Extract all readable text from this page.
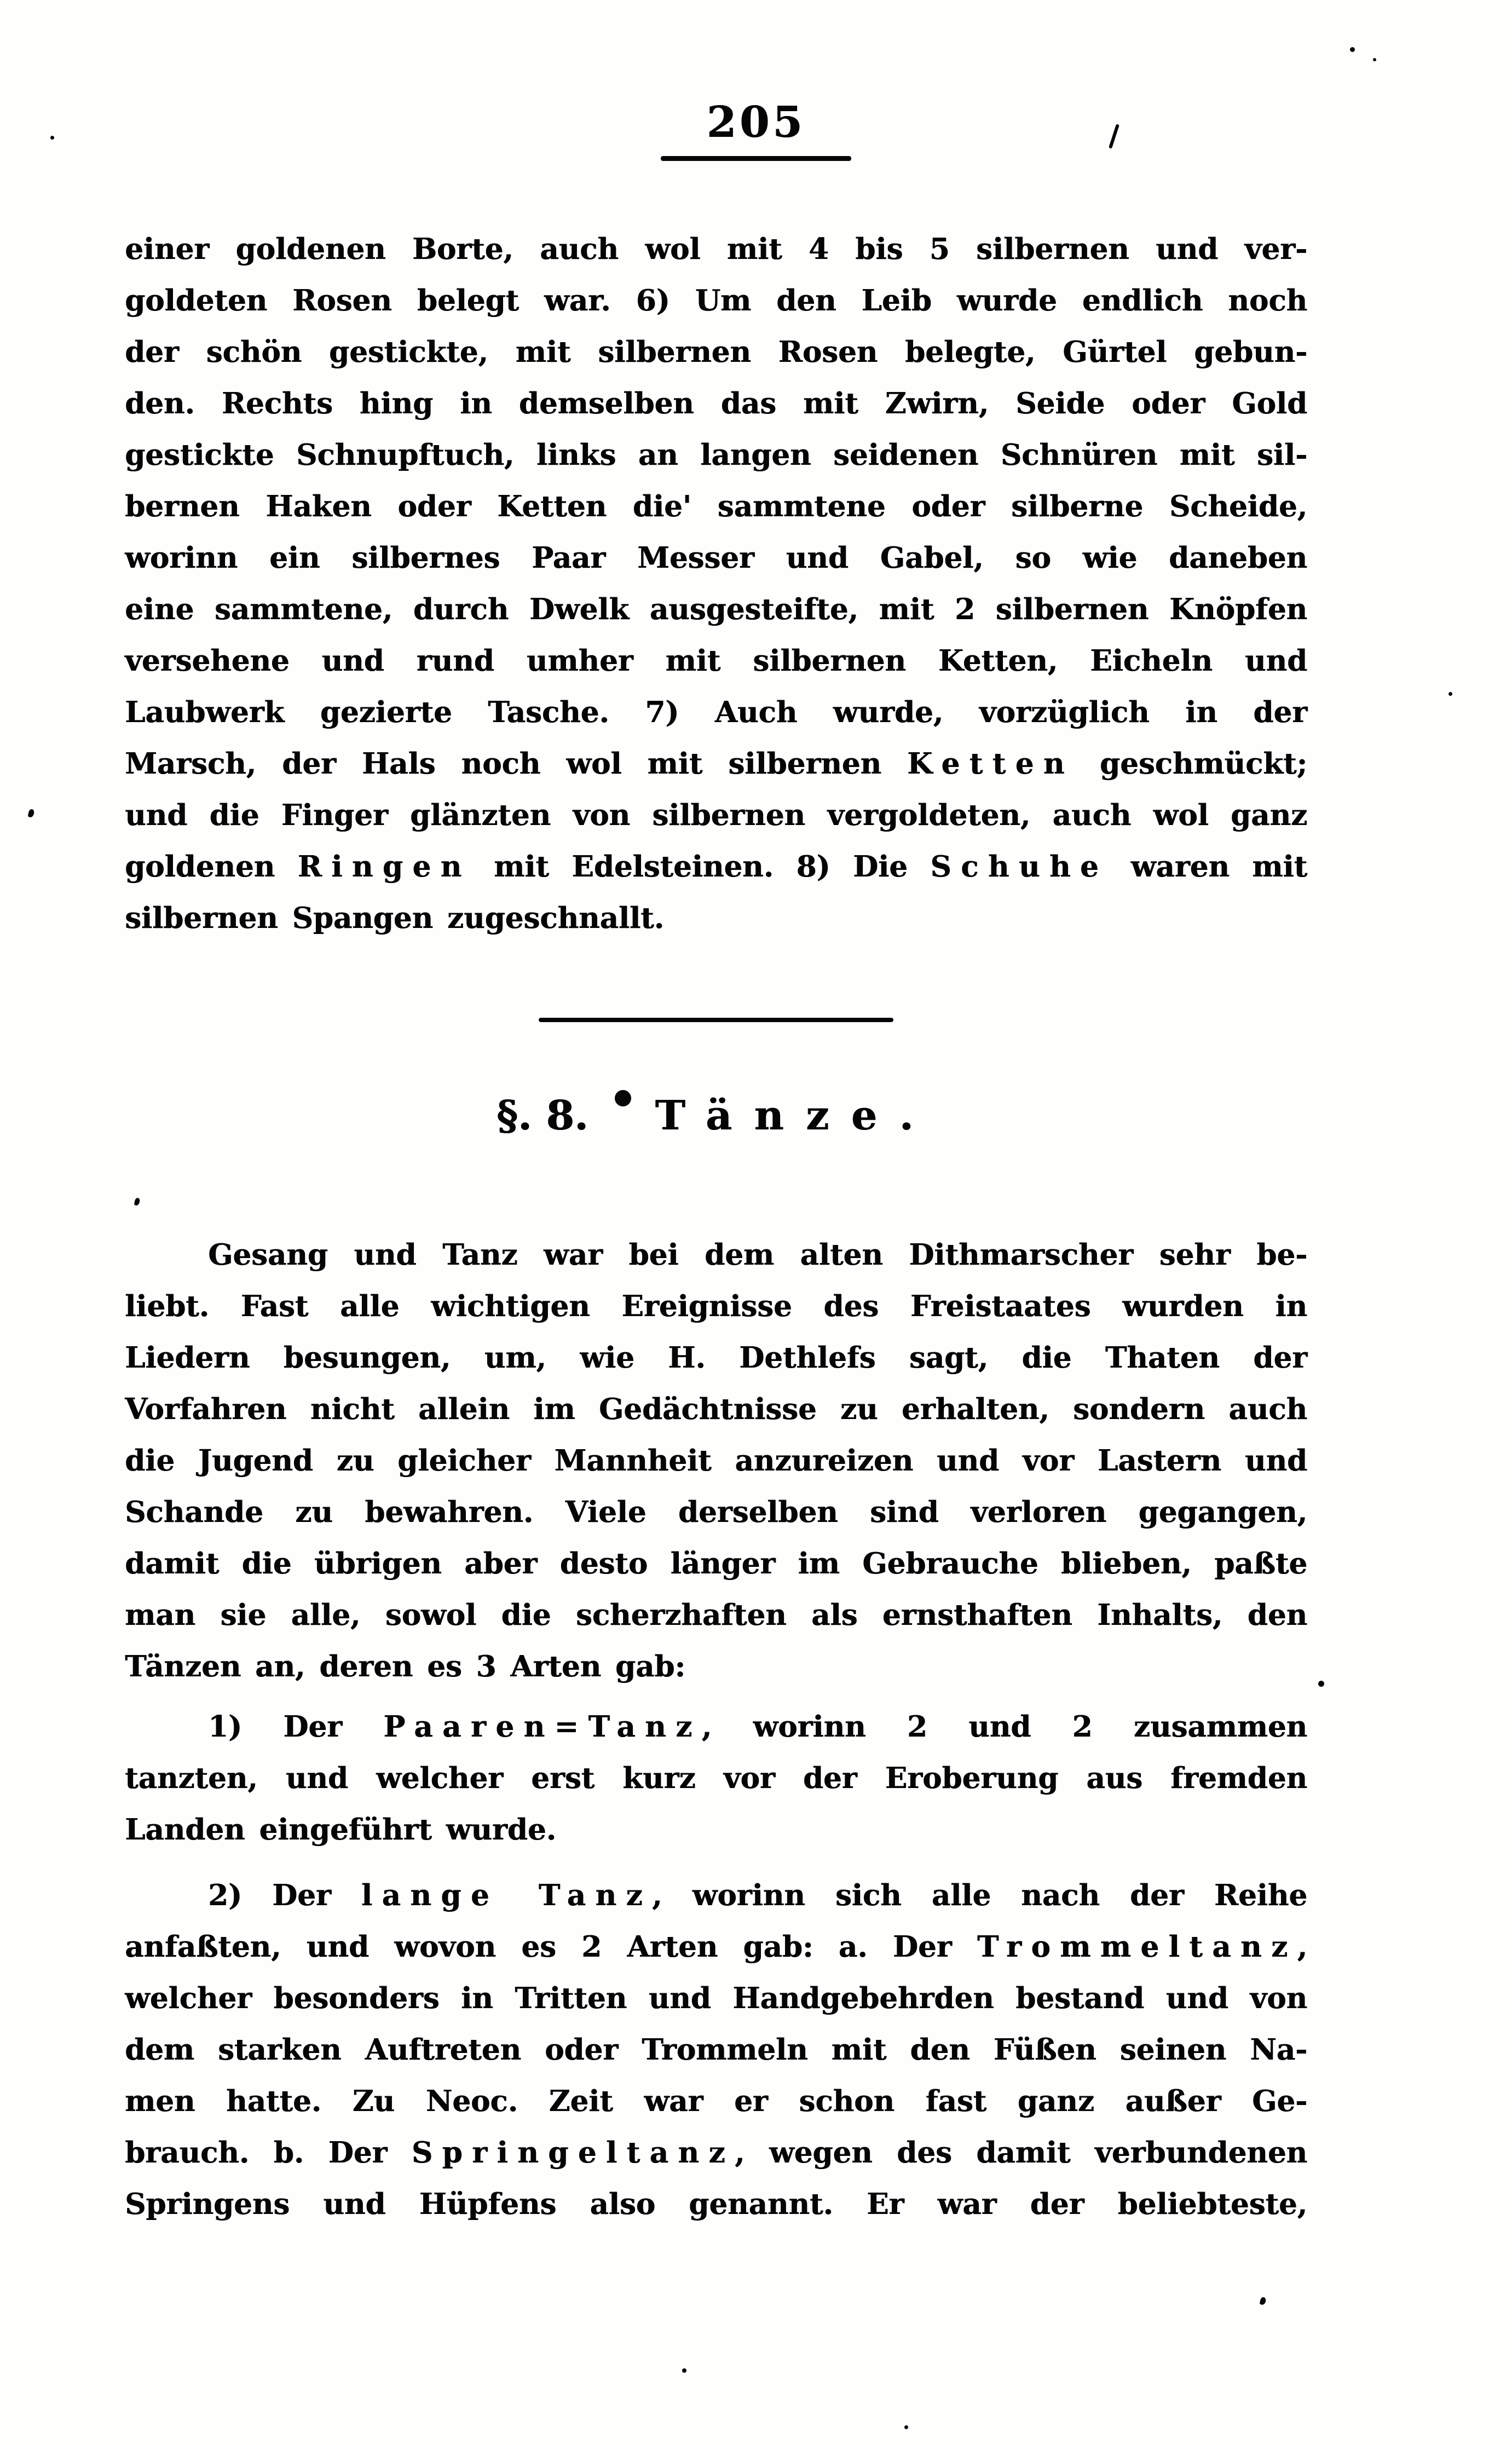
205
einer goldenen Borte, auch wol mit 4 bis 5 silbernen und ver-
goldeten Rosen belegt war. 6) Um den Leib wurde endlich noch
der schön gestickte, mit silbernen Rosen belegte, Gürtel gebun-
den. Rechts hing in demselben das mit Zwirn, Seide oder Gold
gestickte Schnupftuch, links an langen seidenen Schnüren mit sil-
bernen Haken oder Ketten die' sammtene oder silberne Scheide,
worinn ein silbernes Paar Messer und Gabel, so wie daneben
eine sammtene, durch Dwelk ausgesteifte, mit 2 silbernen Knöpfen
versehene und rund umher mit silbernen Ketten, Eicheln und
Laubwerk gezierte Tasche. 7) Auch wurde, vorzüglich in der
Marsch, der Hals noch wol mit silbernen Ketten geschmückt;
und die Finger glänzten von silbernen vergoldeten, auch wol ganz
goldenen Ringen mit Edelsteinen. 8) Die Schuhe waren mit
silbernen Spangen zugeschnallt.
§. 8. Tänze.
Gesang und Tanz war bei dem alten Dithmarscher sehr be-
liebt. Fast alle wichtigen Ereignisse des Freistaates wurden in
Liedern besungen, um, wie H. Dethlefs sagt, die Thaten der
Vorfahren nicht allein im Gedächtnisse zu erhalten, sondern auch
die Jugend zu gleicher Mannheit anzureizen und vor Lastern und
Schande zu bewahren. Viele derselben sind verloren gegangen,
damit die übrigen aber desto länger im Gebrauche blieben, paßte
man sie alle, sowol die scherzhaften als ernsthaften Inhalts, den
Tänzen an, deren es 3 Arten gab:
1) Der Paaren=Tanz, worinn 2 und 2 zusammen
tanzten, und welcher erst kurz vor der Eroberung aus fremden
Landen eingeführt wurde.
2) Der lange Tanz, worinn sich alle nach der Reihe
anfaßten, und wovon es 2 Arten gab: a. Der Trommeltanz,
welcher besonders in Tritten und Handgebehrden bestand und von
dem starken Auftreten oder Trommeln mit den Füßen seinen Na-
men hatte. Zu Neoc. Zeit war er schon fast ganz außer Ge-
brauch. b. Der Springeltanz, wegen des damit verbundenen
Springens und Hüpfens also genannt. Er war der beliebteste,
